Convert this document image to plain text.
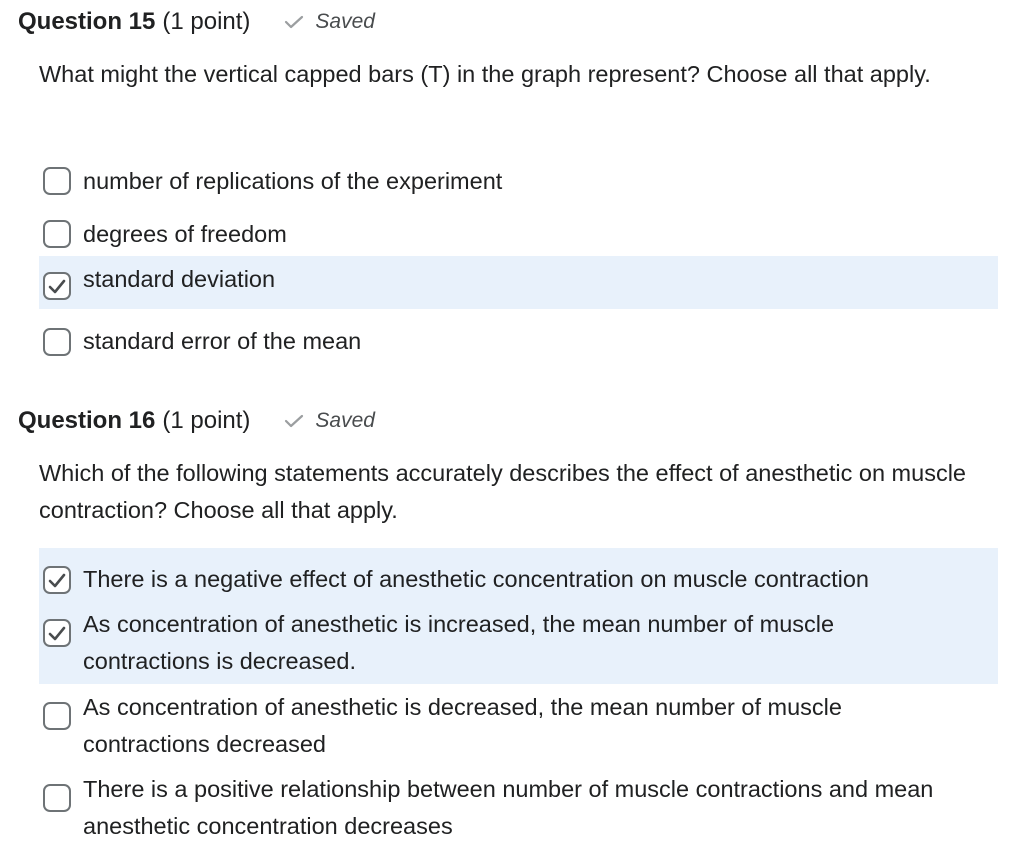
Question 15 (1 point)	Saved

What might the vertical capped bars (T) in the graph represent? Choose all that apply.

number of replications of the experiment
degrees of freedom
standard deviation
standard error of the mean
Question 16 (1 point)	Saved

Which of the following statements accurately describes the effect of anesthetic on muscle contraction? Choose all that apply.

There is a negative effect of anesthetic concentration on muscle contraction
As concentration of anesthetic is increased, the mean number of muscle contractions is decreased.
As concentration of anesthetic is decreased, the mean number of muscle contractions decreased
There is a positive relationship between number of muscle contractions and mean anesthetic concentration decreases
